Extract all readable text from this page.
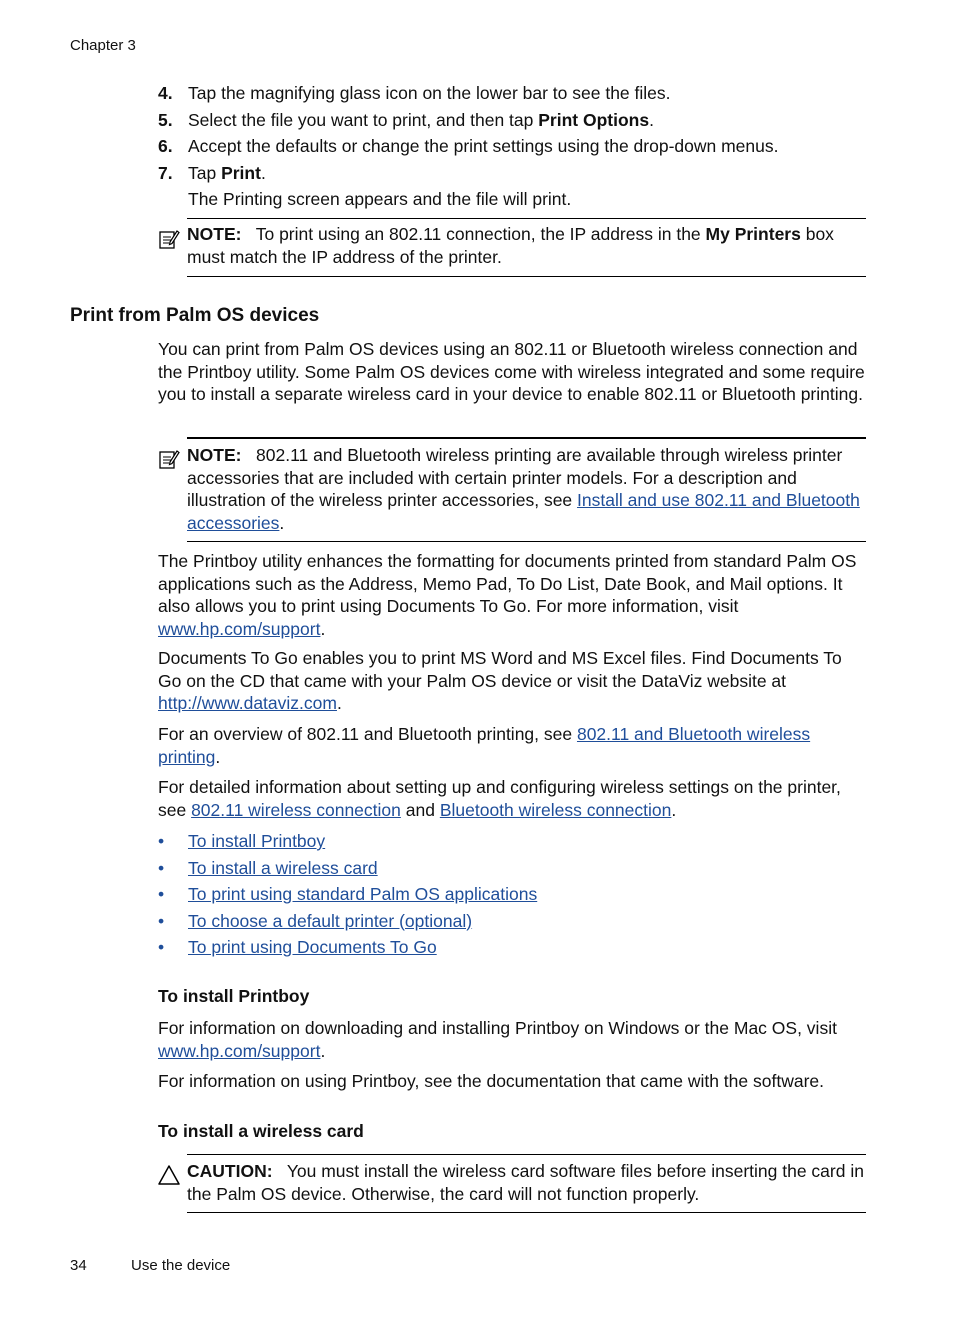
Chapter 3
4. Tap the magnifying glass icon on the lower bar to see the files.
5. Select the file you want to print, and then tap Print Options.
6. Accept the defaults or change the print settings using the drop-down menus.
7. Tap Print.
The Printing screen appears and the file will print.
NOTE: To print using an 802.11 connection, the IP address in the My Printers box must match the IP address of the printer.
Print from Palm OS devices
You can print from Palm OS devices using an 802.11 or Bluetooth wireless connection and the Printboy utility. Some Palm OS devices come with wireless integrated and some require you to install a separate wireless card in your device to enable 802.11 or Bluetooth printing.
NOTE: 802.11 and Bluetooth wireless printing are available through wireless printer accessories that are included with certain printer models. For a description and illustration of the wireless printer accessories, see Install and use 802.11 and Bluetooth accessories.
The Printboy utility enhances the formatting for documents printed from standard Palm OS applications such as the Address, Memo Pad, To Do List, Date Book, and Mail options. It also allows you to print using Documents To Go. For more information, visit www.hp.com/support.
Documents To Go enables you to print MS Word and MS Excel files. Find Documents To Go on the CD that came with your Palm OS device or visit the DataViz website at http://www.dataviz.com.
For an overview of 802.11 and Bluetooth printing, see 802.11 and Bluetooth wireless printing.
For detailed information about setting up and configuring wireless settings on the printer, see 802.11 wireless connection and Bluetooth wireless connection.
•	To install Printboy
•	To install a wireless card
•	To print using standard Palm OS applications
•	To choose a default printer (optional)
•	To print using Documents To Go
To install Printboy
For information on downloading and installing Printboy on Windows or the Mac OS, visit www.hp.com/support.
For information on using Printboy, see the documentation that came with the software.
To install a wireless card
CAUTION: You must install the wireless card software files before inserting the card in the Palm OS device. Otherwise, the card will not function properly.
34	Use the device
